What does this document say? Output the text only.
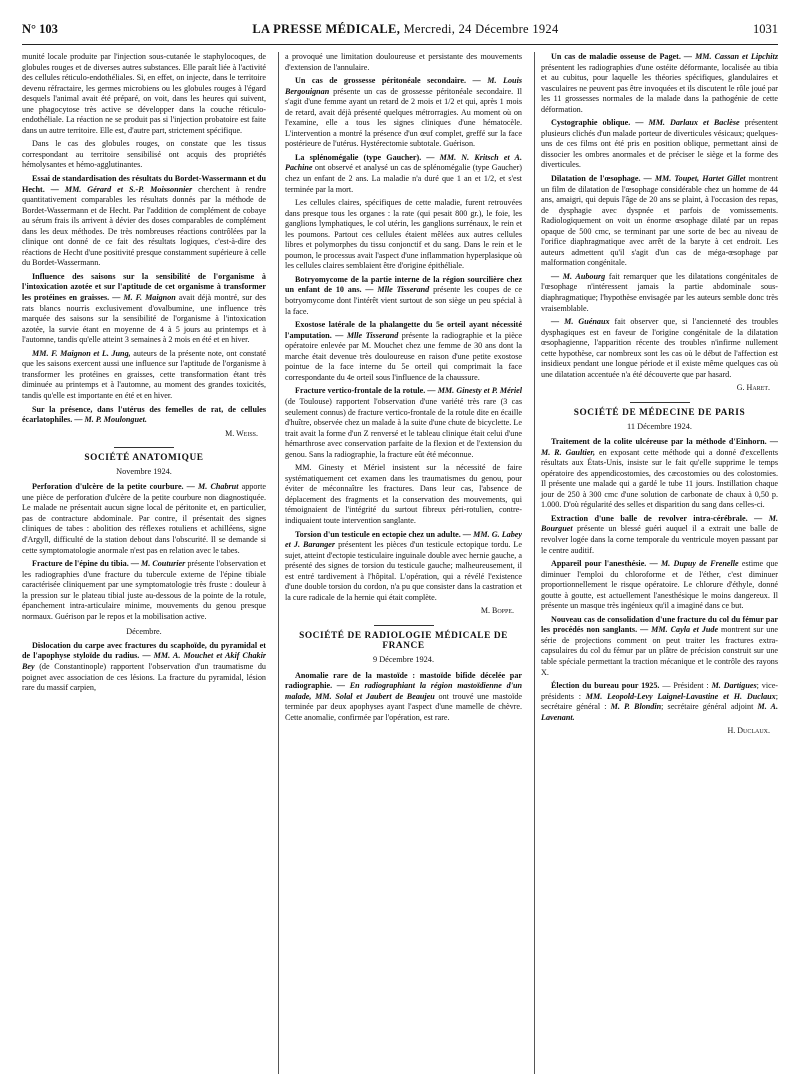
N° 103	LA PRESSE MÉDICALE, Mercredi, 24 Décembre 1924	1031

munité locale produite par l'injection sous-cutanée le staphylocoques, de globules rouges et de diverses autres substances. Elle paraît liée à l'activité des cellules réticulo-endothéliales. Si, en effet, on injecte, dans le territoire devenu réfractaire, les germes microbiens ou les globules rouges à l'égard desquels l'animal avait été préparé, on voit, dans les heures qui suivent, une phagocytose très active se développer dans la couche réticulo-endothéliale. La réaction ne se produit pas si l'injection probatoire est faite dans un autre territoire. Elle est, d'autre part, strictement spécifique.

Dans le cas des globules rouges, on constate que les tissus correspondant au territoire sensibilisé ont acquis des propriétés hémolysantes et hémo-agglutinantes.

Essai de standardisation des résultats du Bordet-Wassermann et du Hecht. — MM. Gérard et S.-P. Moissonnier cherchent à rendre quantitativement comparables les résultats donnés par la méthode de Bordet-Wassermann et de Hecht. Par l'addition de complément de cobaye au sérum frais ils arrivent à dévier des doses comparables de complément dans les deux méthodes. De très nombreuses réactions contrôlées par la clinique ont donné de ce fait des résultats logiques, c'est-à-dire des réactions de Hecht d'une positivité presque constamment supérieure à celle du Bordet-Wassermann.

Influence des saisons sur la sensibilité de l'organisme à l'intoxication azotée et sur l'aptitude de cet organisme à transformer les protéines en graisses. — M. F. Maignon avait déjà montré, sur des rats blancs nourris exclusivement d'ovalbumine, une influence très marquée des saisons sur la sensibilité de l'organisme à l'intoxication azotée, la survie étant en moyenne de 4 à 5 jours au printemps et à l'automne, tandis qu'elle atteint 3 semaines à 2 mois en été et en hiver.

MM. F. Maignon et L. Jung, auteurs de la présente note, ont constaté que les saisons exercent aussi une influence sur l'aptitude de l'organisme à transformer les protéines en graisses, cette transformation étant très diminuée au printemps et à l'automne, au moment des grandes toxicités, tandis qu'elle est importante en été et en hiver.

Sur la présence, dans l'utérus des femelles de rat, de cellules écarlatophiles. — M. P. Moulonguet.

M. Weiss.

SOCIÉTÉ ANATOMIQUE
Novembre 1924.

Perforation d'ulcère de la petite courbure. — M. Chabrut apporte une pièce de perforation d'ulcère de la petite courbure non diagnostiquée. Le malade ne présentait aucun signe local de péritonite et, en particulier, pas de contracture abdominale. Par contre, il présentait des signes cliniques de tabes : abolition des réflexes rotuliens et achilléens, signe d'Argyll, difficulté de la station debout dans l'obscurité. Il se demande si cette symptomatologie anormale n'est pas en relation avec le tabes.

Fracture de l'épine du tibia. — M. Couturier présente l'observation et les radiographies d'une fracture du tubercule externe de l'épine tibiale caractérisée cliniquement par une symptomatologie très fruste : douleur à la pression sur le plateau tibial juste au-dessous de la pointe de la rotule, épanchement intra-articulaire minime, mouvements du genou presque normaux. Guérison par le repos et la mobilisation active.

Décembre.

Dislocation du carpe avec fractures du scaphoïde, du pyramidal et de l'apophyse styloïde du radius. — MM. A. Mouchet et Akif Chakir Bey (de Constantinople) rapportent l'observation d'un traumatisme du poignet avec association de ces lésions. La fracture du pyramidal, lésion rare du massif carpien,

a provoqué une limitation douloureuse et persistante des mouvements d'extension de l'annulaire.

Un cas de grossesse péritonéale secondaire. — M. Louis Bergouignan présente un cas de grossesse péritonéale secondaire. Il s'agit d'une femme ayant un retard de 2 mois et 1/2 et qui, après 1 mois de retard, avait déjà présenté quelques métrorragies. Au moment où on l'examine, elle a tous les signes cliniques d'une hématocèle. L'intervention a montré la présence d'un œuf complet, greffé sur la face postérieure de l'utérus. Hystérectomie subtotale. Guérison.

La splénomégalie (type Gaucher). — MM. N. Kritsch et A. Pachine ont observé et analysé un cas de splénomégalie (type Gaucher) chez un enfant de 2 ans. La maladie n'a duré que 1 an et 1/2, et s'est terminée par la mort.

Les cellules claires, spécifiques de cette maladie, furent retrouvées dans presque tous les organes : la rate (qui pesait 800 gr.), le foie, les ganglions lymphatiques, le col utérin, les ganglions surrénaux, le rein et les poumons. Partout ces cellules étaient mêlées aux autres cellules libres et polymorphes du tissu conjonctif et du sang. Dans le rein et le poumon, le processus avait l'aspect d'une inflammation hyperplasique où les cellules claires semblaient être d'origine épithéliale.

Botryomycome de la partie interne de la région sourcilière chez un enfant de 10 ans. — Mlle Tisserand présente les coupes de ce botryomycome dont l'intérêt vient surtout de son siège un peu spécial à la face.

Exostose latérale de la phalangette du 5e orteil ayant nécessité l'amputation. — Mlle Tisserand présente la radiographie et la pièce opératoire enlevée par M. Mouchet chez une femme de 30 ans dont la marche était devenue très douloureuse en raison d'une petite exostose pointue de la face interne du 5e orteil qui comprimait la face correspondante du 4e orteil sous l'influence de la chaussure.

Fracture vertico-frontale de la rotule. — MM. Ginesty et P. Mériel (de Toulouse) rapportent l'observation d'une variété très rare (3 cas seulement connus) de fracture vertico-frontale de la rotule dite en écaille d'huître, observée chez un malade à la suite d'une chute de bicyclette. Le trait avait la forme d'un Z renversé et le tableau clinique était celui d'une hémarthrose avec conservation parfaite de la flexion et de l'extension du genou. Sans la radiographie, la fracture eût été méconnue.

MM. Ginesty et Mériel insistent sur la nécessité de faire systématiquement cet examen dans les traumatismes du genou, pour éviter de méconnaître les fractures. Dans leur cas, l'absence de déplacement des fragments et la conservation des mouvements, qui témoignaient de l'intégrité du surtout fibreux péri-rotulien, contre-indiquaient toute intervention sanglante.

Torsion d'un testicule en ectopie chez un adulte. — MM. G. Labey et J. Baranger présentent les pièces d'un testicule ectopique tordu. Le sujet, atteint d'ectopie testiculaire inguinale double avec hernie gauche, a présenté des signes de torsion du testicule gauche; malheureusement, il est entré tardivement à l'hôpital. L'opération, qui a révélé l'existence d'une double torsion du cordon, n'a pu que consister dans la castration et la cure radicale de la hernie qui était complète.

M. Boppe.

SOCIÉTÉ DE RADIOLOGIE MÉDICALE DE FRANCE
9 Décembre 1924.

Anomalie rare de la mastoïde : mastoïde bifide décelée par radiographie. — En radiographiant la région mastoïdienne d'un malade, MM. Solal et Jaubert de Beaujeu ont trouvé une mastoïde terminée par deux apophyses ayant l'aspect d'une mamelle de chèvre. Cette anomalie, confirmée par l'opération, est rare.

Un cas de maladie osseuse de Paget. — MM. Cassan et Lipchitz présentent les radiographies d'une ostéite déformante, localisée au tibia et au cubitus, pour laquelle les théories spécifiques, glandulaires et vasculaires ne peuvent pas être invoquées et ils discutent le rôle joué par les 11 grossesses normales de la malade dans la pathogénie de cette déformation.

Cystographie oblique. — MM. Darlaux et Baclèse présentent plusieurs clichés d'un malade porteur de diverticules vésicaux; quelques-uns de ces films ont été pris en position oblique, permettant ainsi de dissocier les ombres anormales et de préciser le siège et la forme des diverticules.

Dilatation de l'œsophage. — MM. Toupet, Hartet Gillet montrent un film de dilatation de l'œsophage considérable chez un homme de 44 ans, amaigri, qui depuis l'âge de 20 ans se plaint, à l'occasion des repas, de dysphagie avec dyspnée et parfois de vomissements. Radiologiquement on voit un énorme œsophage dilaté par un repas opaque de 500 cmc, se terminant par une sorte de bec au niveau de l'orifice diaphragmatique avec arrêt de la baryte à cet endroit. Les auteurs admettent qu'il s'agit d'un cas de méga-œsophage par malformation congénitale.

— M. Aubourg fait remarquer que les dilatations congénitales de l'œsophage n'intéressent jamais la partie abdominale sous-diaphragmatique; l'hypothèse envisagée par les auteurs semble donc très vraisemblable.

— M. Guénaux fait observer que, si l'ancienneté des troubles dysphagiques est en faveur de l'origine congénitale de la dilatation œsophagienne, l'apparition récente des troubles n'infirme nullement cette hypothèse, car nombreux sont les cas où le début de l'affection est insidieux pendant une longue période et il existe même quelques cas où une dilatation accentuée n'a été découverte que par hasard.

G. Haret.

SOCIÉTÉ DE MÉDECINE DE PARIS
11 Décembre 1924.

Traitement de la colite ulcéreuse par la méthode d'Einhorn. — M. R. Gaultier, en exposant cette méthode qui a donné d'excellents résultats aux États-Unis, insiste sur le fait qu'elle supprime le temps opératoire des appendicostomies, des cæcostomies ou des colostomies. Il présente une malade qui a gardé le tube 11 jours. Instillation chaque jour de 250 à 300 cmc d'une solution de carbonate de chaux à 0,50 p. 1.000. D'où régularité des selles et disparition du sang dans celles-ci.

Extraction d'une balle de revolver intra-cérébrale. — M. Bourguet présente un blessé guéri auquel il a extrait une balle de revolver logée dans la corne temporale du ventricule moyen passant par le centre auditif.

Appareil pour l'anesthésie. — M. Dupuy de Frenelle estime que diminuer l'emploi du chloroforme et de l'éther, c'est diminuer proportionnellement le risque opératoire. Le chlorure d'éthyle, donné goutte à goutte, est actuellement l'anesthésique le moins dangereux. Il présente un masque très ingénieux qu'il a imaginé dans ce but.

Nouveau cas de consolidation d'une fracture du col du fémur par les procédés non sanglants. — MM. Cayla et Jude montrent sur une série de projections comment on peut traiter les fractures extra-capsulaires du col du fémur par un plâtre de précision construit sur une table spéciale permettant la traction mécanique et le contrôle des rayons X.

Élection du bureau pour 1925. — Président : M. Dartigues; vice-présidents : MM. Leopold-Levy Laignel-Lavastine et H. Duclaux; secrétaire général : M. P. Blondin; secrétaire général adjoint M. A. Lavenant.

H. Duclaux.
